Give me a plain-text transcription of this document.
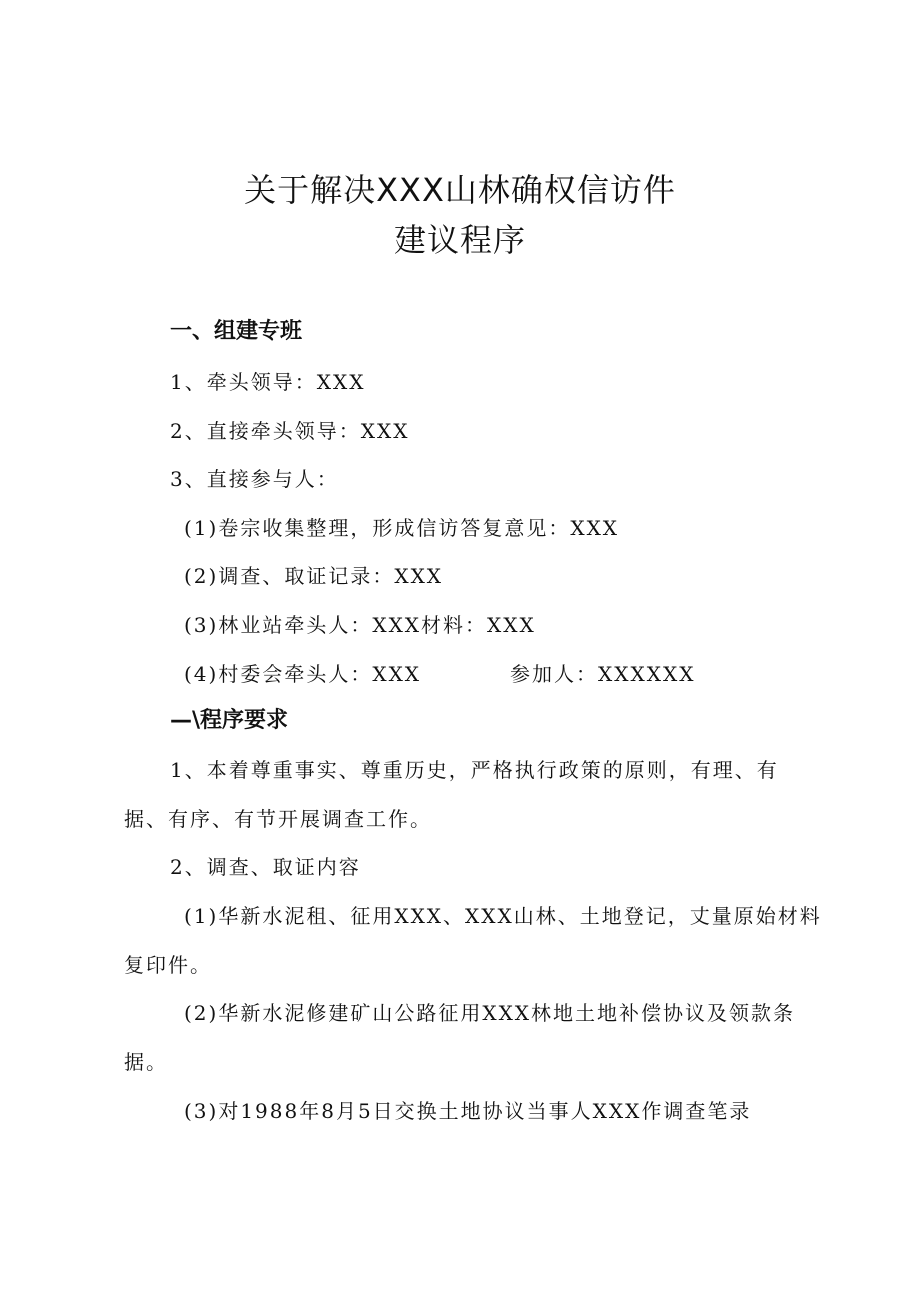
关于解决XXX山林确权信访件
建议程序
一、组建专班
1、牵头领导：XXX
2、直接牵头领导：XXX
3、直接参与人：
(1)卷宗收集整理，形成信访答复意见：XXX
(2)调查、取证记录：XXX
(3)林业站牵头人：XXX材料：XXX
(4)村委会牵头人：XXX	参加人：XXXXXX
—\程序要求
1、本着尊重事实、尊重历史，严格执行政策的原则，有理、有
据、有序、有节开展调查工作。
2、调查、取证内容
(1)华新水泥租、征用XXX、XXX山林、土地登记，丈量原始材料
复印件。
(2)华新水泥修建矿山公路征用XXX林地土地补偿协议及领款条
据。
(3)对1988年8月5日交换土地协议当事人XXX作调查笔录
